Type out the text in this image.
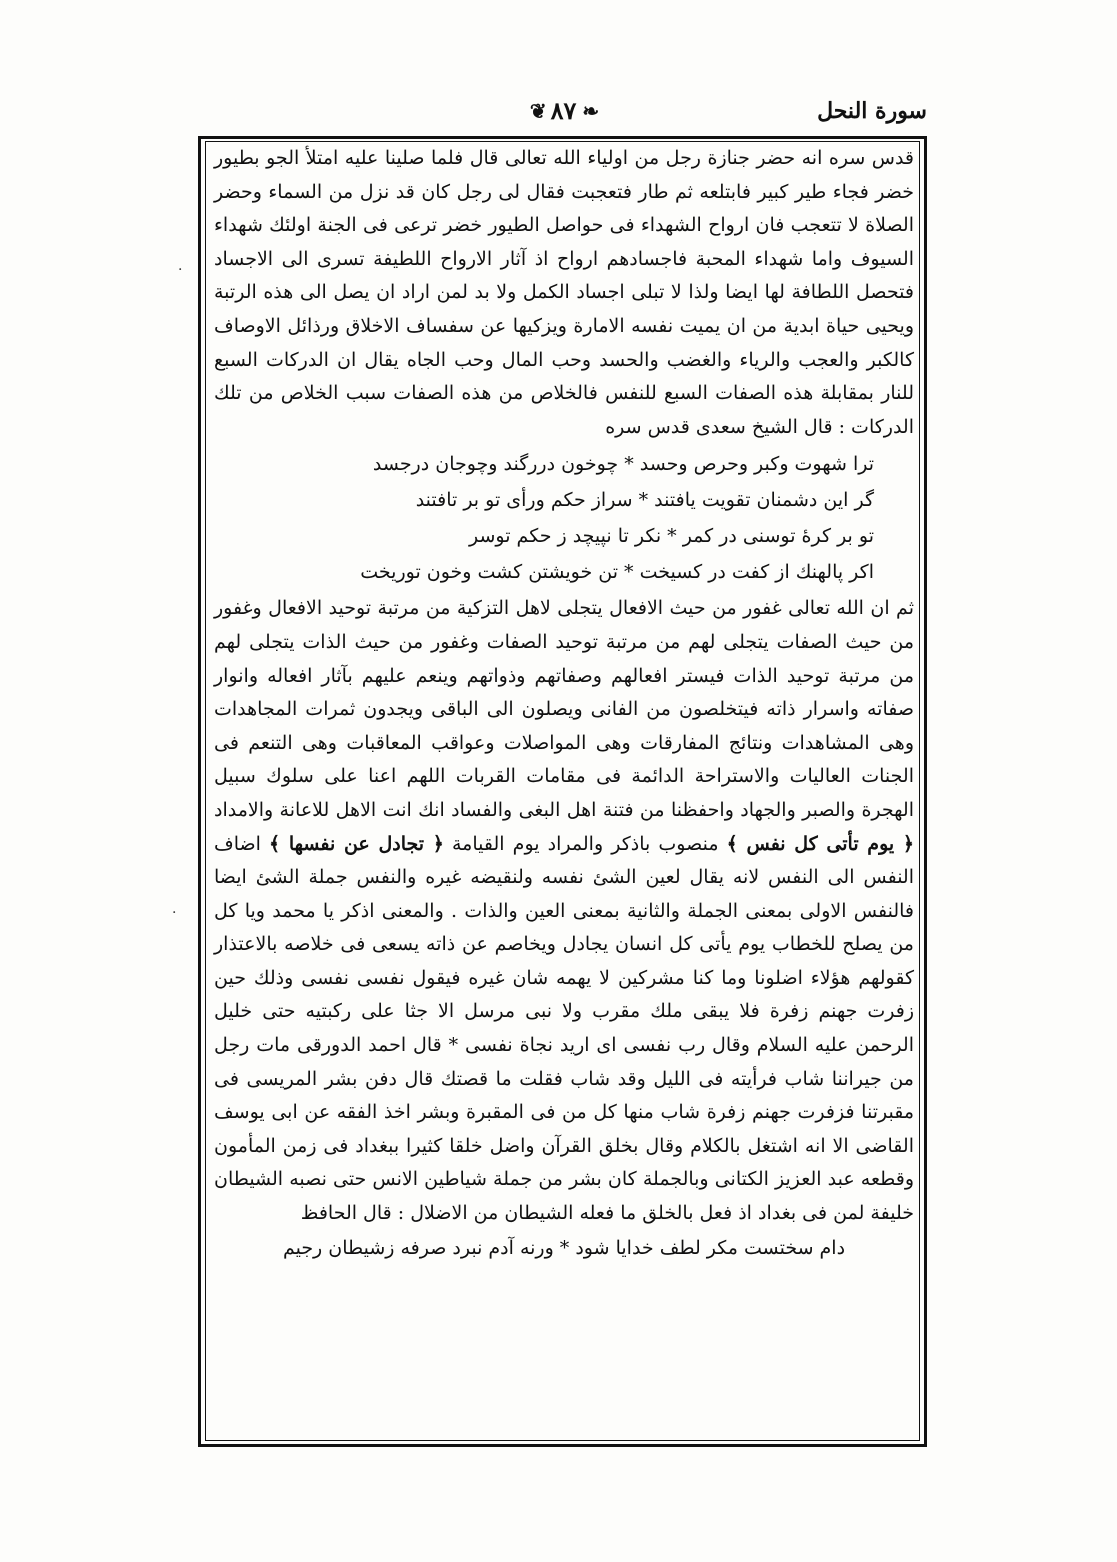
سورة النحل
❦ ٨٧ ❧

قدس سره انه حضر جنازة رجل من اولياء الله تعالى قال فلما صلينا عليه امتلأ الجو بطيور خضر فجاء طير كبير فابتلعه ثم طار فتعجبت فقال لى رجل كان قد نزل من السماء وحضر الصلاة لا تتعجب فان ارواح الشهداء فى حواصل الطيور خضر ترعى فى الجنة اولئك شهداء السيوف واما شهداء المحبة فاجسادهم ارواح اذ آثار الارواح اللطيفة تسرى الى الاجساد فتحصل اللطافة لها ايضا ولذا لا تبلى اجساد الكمل ولا بد لمن اراد ان يصل الى هذه الرتبة ويحيى حياة ابدية من ان يميت نفسه الامارة ويزكيها عن سفساف الاخلاق ورذائل الاوصاف كالكبر والعجب والرياء والغضب والحسد وحب المال وحب الجاه يقال ان الدركات السبع للنار بمقابلة هذه الصفات السبع للنفس فالخلاص من هذه الصفات سبب الخلاص من تلك الدركات : قال الشيخ سعدى قدس سره

ترا شهوت وكبر وحرص وحسد * چوخون دررگند وچوجان درجسد
گر اين دشمنان تقويت يافتند * سراز حكم ورأى تو بر تافتند
تو بر كرهٔ توسنى در كمر * نكر تا نپيچد ز حكم توسر
اكر پالهنك از كفت در كسيخت * تن خويشتن كشت وخون توريخت

ثم ان الله تعالى غفور من حيث الافعال يتجلى لاهل التزكية من مرتبة توحيد الافعال وغفور من حيث الصفات يتجلى لهم من مرتبة توحيد الصفات وغفور من حيث الذات يتجلى لهم من مرتبة توحيد الذات فيستر افعالهم وصفاتهم وذواتهم وينعم عليهم بآثار افعاله وانوار صفاته واسرار ذاته فيتخلصون من الفانى ويصلون الى الباقى ويجدون ثمرات المجاهدات وهى المشاهدات ونتائج المفارقات وهى المواصلات وعواقب المعاقبات وهى التنعم فى الجنات العاليات والاستراحة الدائمة فى مقامات القربات اللهم اعنا على سلوك سبيل الهجرة والصبر والجهاد واحفظنا من فتنة اهل البغى والفساد انك انت الاهل للاعانة والامداد ﴿ يوم تأتى كل نفس ﴾ منصوب باذكر والمراد يوم القيامة ﴿ تجادل عن نفسها ﴾ اضاف النفس الى النفس لانه يقال لعين الشئ نفسه ولنقيضه غيره والنفس جملة الشئ ايضا فالنفس الاولى بمعنى الجملة والثانية بمعنى العين والذات . والمعنى اذكر يا محمد ويا كل من يصلح للخطاب يوم يأتى كل انسان يجادل ويخاصم عن ذاته يسعى فى خلاصه بالاعتذار كقولهم هؤلاء اضلونا وما كنا مشركين لا يهمه شان غيره فيقول نفسى نفسى وذلك حين زفرت جهنم زفرة فلا يبقى ملك مقرب ولا نبى مرسل الا جثا على ركبتيه حتى خليل الرحمن عليه السلام وقال رب نفسى اى اريد نجاة نفسى * قال احمد الدورقى مات رجل من جيراننا شاب فرأيته فى الليل وقد شاب فقلت ما قصتك قال دفن بشر المريسى فى مقبرتنا فزفرت جهنم زفرة شاب منها كل من فى المقبرة وبشر اخذ الفقه عن ابى يوسف القاضى الا انه اشتغل بالكلام وقال بخلق القرآن واضل خلقا كثيرا ببغداد فى زمن المأمون وقطعه عبد العزيز الكتانى وبالجملة كان بشر من جملة شياطين الانس حتى نصبه الشيطان خليفة لمن فى بغداد اذ فعل بالخلق ما فعله الشيطان من الاضلال : قال الحافظ

دام سختست مكر لطف خدايا شود * ورنه آدم نبرد صرفه زشيطان رجيم

·
·
